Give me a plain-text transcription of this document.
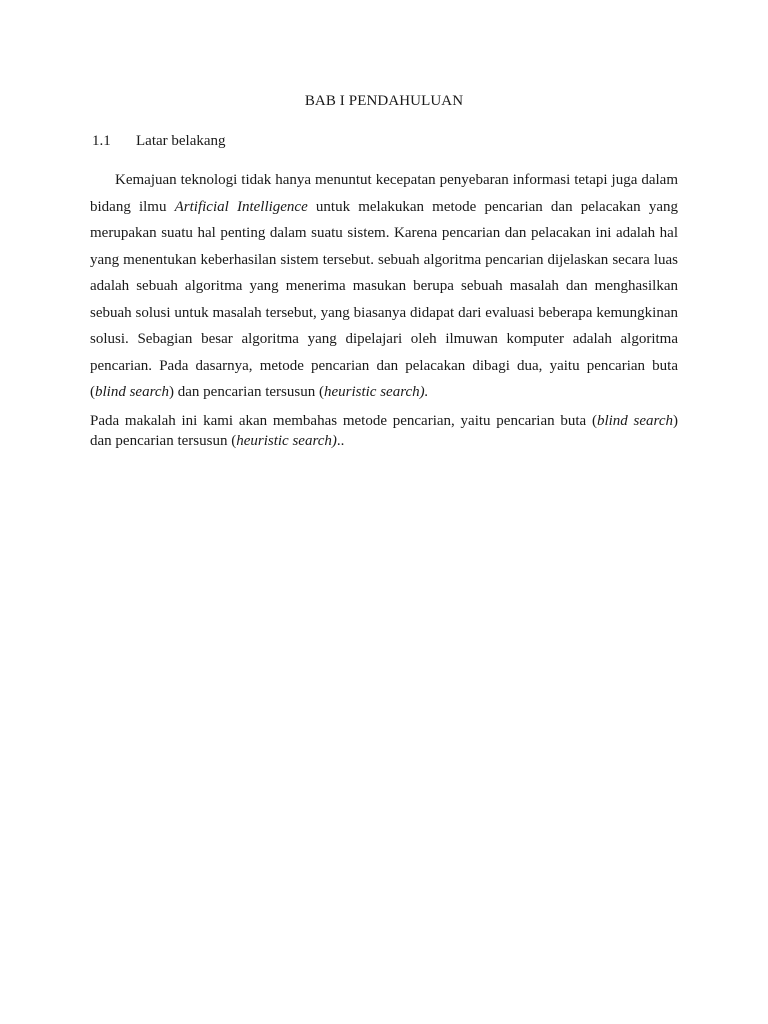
BAB I PENDAHULUAN
1.1 Latar belakang

Kemajuan teknologi tidak hanya menuntut kecepatan penyebaran informasi tetapi juga dalam bidang ilmu Artificial Intelligence untuk melakukan metode pencarian dan pelacakan yang merupakan suatu hal penting dalam suatu sistem. Karena pencarian dan pelacakan ini adalah hal yang menentukan keberhasilan sistem tersebut. sebuah algoritma pencarian dijelaskan secara luas adalah sebuah algoritma yang menerima masukan berupa sebuah masalah dan menghasilkan sebuah solusi untuk masalah tersebut, yang biasanya didapat dari evaluasi beberapa kemungkinan solusi. Sebagian besar algoritma yang dipelajari oleh ilmuwan komputer adalah algoritma pencarian. Pada dasarnya, metode pencarian dan pelacakan dibagi dua, yaitu pencarian buta (blind search) dan pencarian tersusun (heuristic search).

Pada makalah ini kami akan membahas metode pencarian, yaitu pencarian buta (blind search) dan pencarian tersusun (heuristic search)..
